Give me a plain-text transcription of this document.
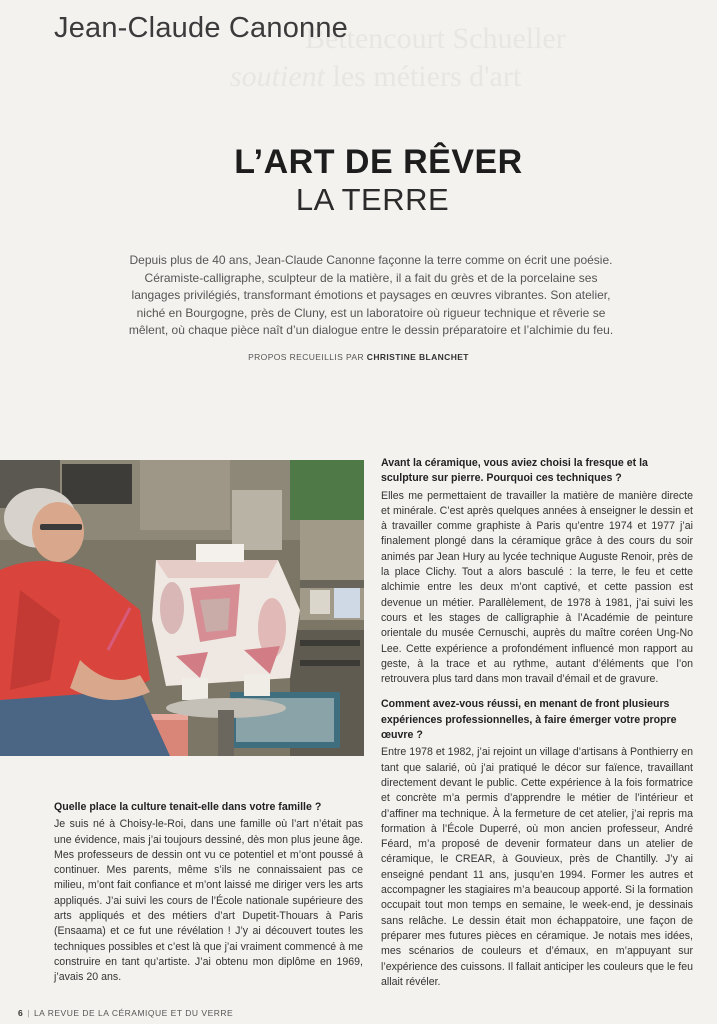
Bettencourt Schueller
soutient les métiers d'art
Jean-Claude Canonne
L’ART DE RÊVER
LA TERRE
Depuis plus de 40 ans, Jean-Claude Canonne façonne la terre comme on écrit une poésie. Céramiste-calligraphe, sculpteur de la matière, il a fait du grès et de la porcelaine ses langages privilégiés, transformant émotions et paysages en œuvres vibrantes. Son atelier, niché en Bourgogne, près de Cluny, est un laboratoire où rigueur technique et rêverie se mêlent, où chaque pièce naît d’un dialogue entre le dessin préparatoire et l’alchimie du feu.
PROPOS RECUEILLIS PAR CHRISTINE BLANCHET

Avant la céramique, vous aviez choisi la fresque et la sculpture sur pierre. Pourquoi ces techniques ?

Elles me permettaient de travailler la matière de manière directe et minérale. C’est après quelques années à enseigner le dessin et à travailler comme graphiste à Paris qu’entre 1974 et 1977 j’ai finalement plongé dans la céramique grâce à des cours du soir animés par Jean Hury au lycée technique Auguste Renoir, près de la place Clichy. Tout a alors basculé : la terre, le feu et cette alchimie entre les deux m’ont captivé, et cette passion est devenue un métier. Parallèlement, de 1978 à 1981, j’ai suivi les cours et les stages de calligraphie à l’Académie de peinture orientale du musée Cernuschi, auprès du maître coréen Ung-No Lee. Cette expérience a profondément influencé mon rapport au geste, à la trace et au rythme, autant d’éléments que l’on retrouvera plus tard dans mon travail d’émail et de gravure.

Comment avez-vous réussi, en menant de front plusieurs expériences professionnelles, à faire émerger votre propre œuvre ?

Entre 1978 et 1982, j’ai rejoint un village d’artisans à Ponthierry en tant que salarié, où j’ai pratiqué le décor sur faïence, travaillant directement devant le public. Cette expérience à la fois formatrice et concrète m’a permis d’apprendre le métier de l’intérieur et d’affiner ma technique. À la fermeture de cet atelier, j’ai repris ma formation à l’École Duperré, où mon ancien professeur, André Féard, m’a proposé de devenir formateur dans un atelier de céramique, le CREAR, à Gouvieux, près de Chantilly. J’y ai enseigné pendant 11 ans, jusqu’en 1994. Former les autres et accompagner les stagiaires m’a beaucoup apporté. Si la formation occupait tout mon temps en semaine, le week-end, je dessinais sans relâche. Le dessin était mon échappatoire, une façon de préparer mes futures pièces en céramique. Je notais mes idées, mes scénarios de couleurs et d’émaux, en m’appuyant sur l’expérience des cuissons. Il fallait anticiper les couleurs que le feu allait révéler.

Quelle place la culture tenait-elle dans votre famille ?

Je suis né à Choisy-le-Roi, dans une famille où l’art n’était pas une évidence, mais j’ai toujours dessiné, dès mon plus jeune âge. Mes professeurs de dessin ont vu ce potentiel et m’ont poussé à continuer. Mes parents, même s’ils ne connaissaient pas ce milieu, m’ont fait confiance et m’ont laissé me diriger vers les arts appliqués. J’ai suivi les cours de l’École nationale supérieure des arts appliqués et des métiers d’art Dupetit-Thouars à Paris (Ensaama) et ce fut une révélation ! J’y ai découvert toutes les techniques possibles et c’est là que j’ai vraiment commencé à me construire en tant qu’artiste. J’ai obtenu mon diplôme en 1969, j’avais 20 ans.

6 | LA REVUE DE LA CÉRAMIQUE ET DU VERRE
